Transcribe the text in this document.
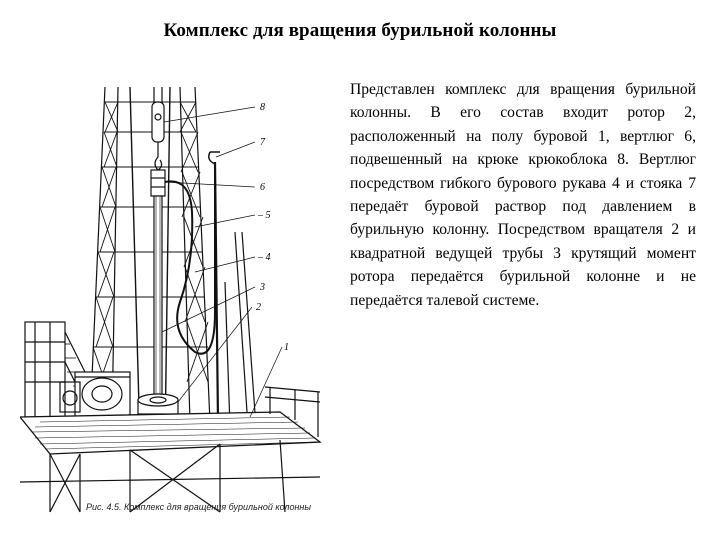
Комплекс для вращения бурильной колонны
8
7
6
– 5
– 4
3
2
1
Рис. 4.5. Комплекс для вращения бурильной колонны
Представлен комплекс для вращения бурильной колонны. В его состав входит ротор 2, расположенный на полу буровой 1, вертлюг 6, подвешенный на крюке крюкоблока 8. Вертлюг посредством гибкого бурового рукава 4 и стояка 7 передаёт буровой раствор под давлением в бурильную колонну. Посредством вращателя 2 и квадратной ведущей трубы 3 крутящий момент ротора передаётся бурильной колонне и не передаётся талевой системе.
